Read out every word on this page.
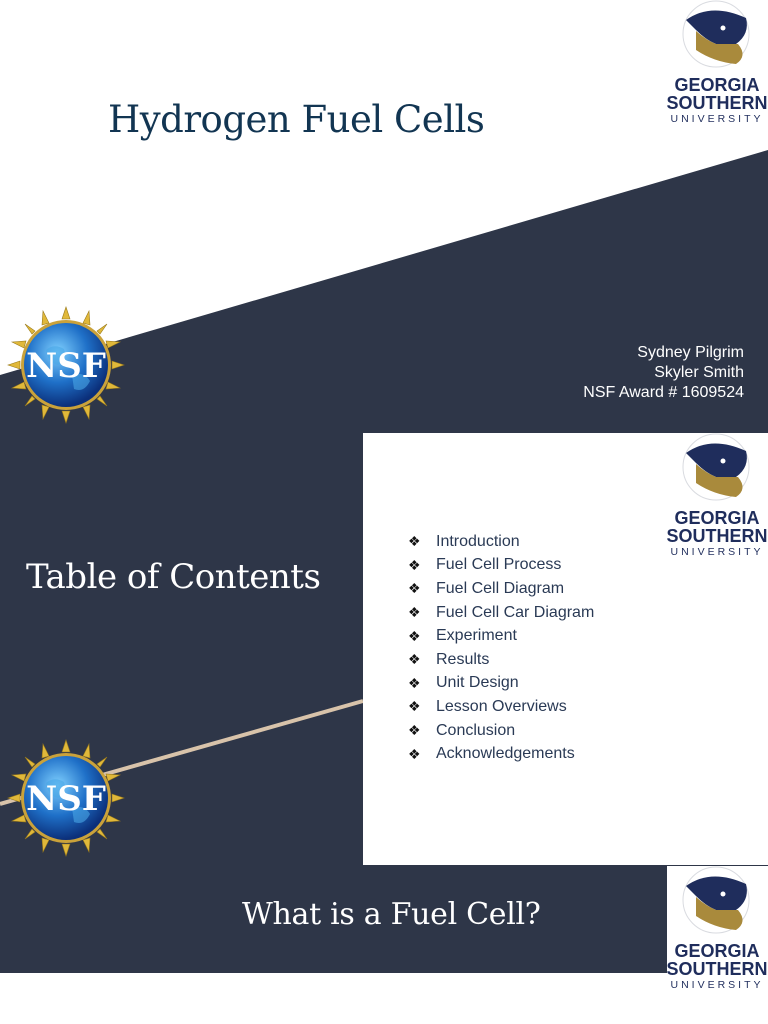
Hydrogen Fuel Cells
Sydney Pilgrim
Skyler Smith
NSF Award # 1609524
Table of Contents
❖ Introduction
❖ Fuel Cell Process
❖ Fuel Cell Diagram
❖ Fuel Cell Car Diagram
❖ Experiment
❖ Results
❖ Unit Design
❖ Lesson Overviews
❖ Conclusion
❖ Acknowledgements
What is a Fuel Cell?
NSF
NSF
